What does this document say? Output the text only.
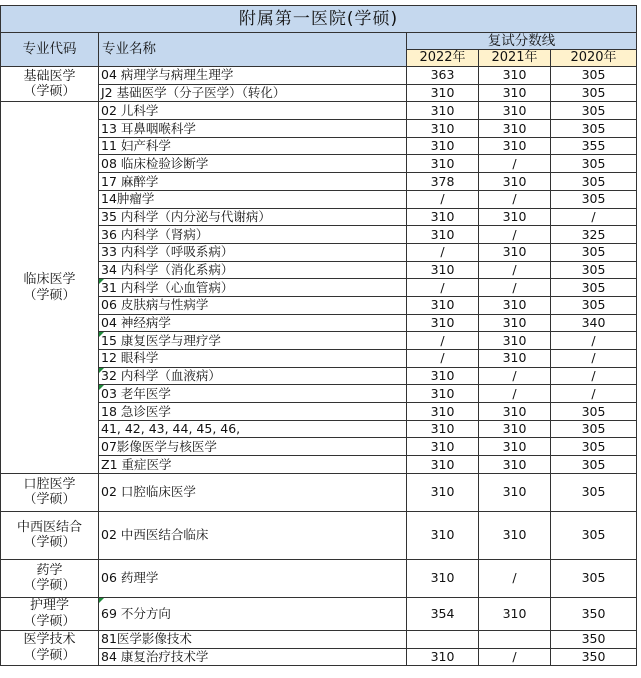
附属第一医院(学硕)				
专业代码	专业名称	复试分数线		
		2022年	2021年	2020年
基础医学
（学硕）	04 病理学与病理生理学	363	310	305
	J2 基础医学（分子医学）（转化）	310	310	305
临床医学
（学硕）	02 儿科学	310	310	305
	13 耳鼻咽喉科学	310	310	305
	11 妇产科学	310	310	355
	08 临床检验诊断学	310	/	305
	17 麻醉学	378	310	305
	14肿瘤学	/	/	305
	35 内科学（内分泌与代谢病）	310	310	/
	36 内科学（肾病）	310	/	325
	33 内科学（呼吸系病）	/	310	305
	34 内科学（消化系病）	310	/	305

31 内科学（心血管病）	/	/	305
	06 皮肤病与性病学	310	310	305
	04 神经病学	310	310	340

15 康复医学与理疗学	/	310	/
	12 眼科学	/	310	/

32 内科学（血液病）	310	/	/

03 老年医学	310	/	/
	18 急诊医学	310	310	305
	41, 42, 43, 44, 45, 46,	310	310	305
	07影像医学与核医学	310	310	305
	Z1 重症医学	310	310	305
口腔医学
（学硕）	02 口腔临床医学	310	310	305
中西医结合
（学硕）	02 中西医结合临床	310	310	305
药学
（学硕）	06 药理学	310	/	305
护理学
（学硕）	69 不分方向	354	310	350
医学技术
（学硕）	81医学影像技术			350
	84 康复治疗技术学	310	/	350
